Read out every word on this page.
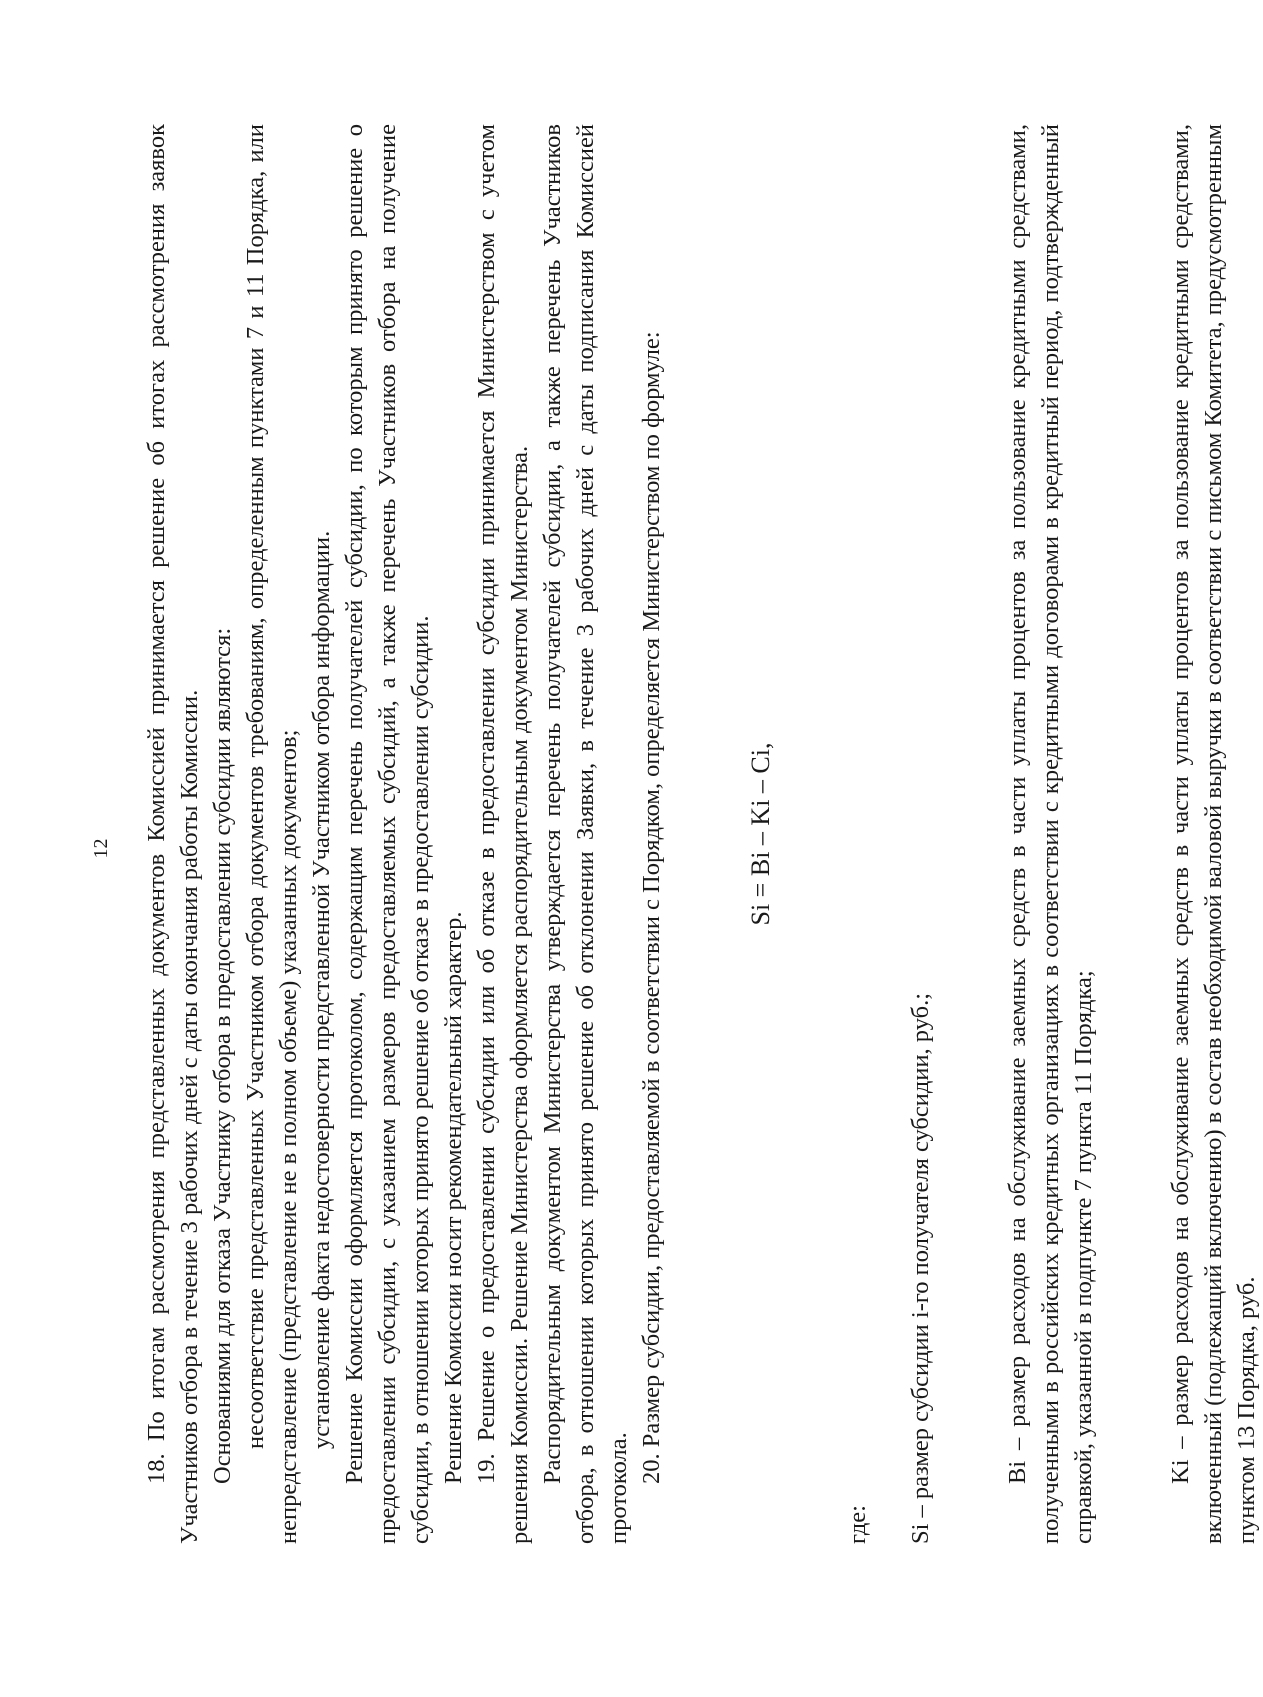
12 18. По итогам рассмотрения представленных документов Комиссией принимается решение об итогах рассмотрения заявок Участников отбора в течение 3 рабочих дней с даты окончания работы Комиссии. Основаниями для отказа Участнику отбора в предоставлении субсидии являются: несоответствие представленных Участником отбора документов требованиям, определенным пунктами 7 и 11 Порядка, или непредставление (представление не в полном объеме) указанных документов; установление факта недостоверности представленной Участником отбора информации. Решение Комиссии оформляется протоколом, содержащим перечень получателей субсидии, по которым принято решение о предоставлении субсидии, с указанием размеров предоставляемых субсидий, а также перечень Участников отбора на получение субсидии, в отношении которых принято решение об отказе в предоставлении субсидии. Решение Комиссии носит рекомендательный характер. 19. Решение о предоставлении субсидии или об отказе в предоставлении субсидии принимается Министерством с учетом решения Комиссии. Решение Министерства оформляется распорядительным документом Министерства. Распорядительным документом Министерства утверждается перечень получателей субсидии, а также перечень Участников отбора, в отношении которых принято решение об отклонении Заявки, в течение 3 рабочих дней с даты подписания Комиссией протокола.

20. Размер субсидии, предоставляемой в соответствии с Порядком, определяется Министерством по формуле:	Si = Bi – Ki – Ci,

где: Si – размер субсидии i-го получателя субсидии, руб.;	Bi – размер расходов на обслуживание заемных средств в части уплаты процентов за пользование кредитными средствами, полученными в российских кредитных организациях в соответствии с кредитными договорами в кредитный период, подтвержденный справкой, указанной в подпункте 7 пункта 11 Порядка;	Ki – размер расходов на обслуживание заемных средств в части уплаты процентов за пользование кредитными средствами, включенный (подлежащий включению) в состав необходимой валовой выручки в соответствии с письмом Комитета, предусмотренным пунктом 13 Порядка, руб.
